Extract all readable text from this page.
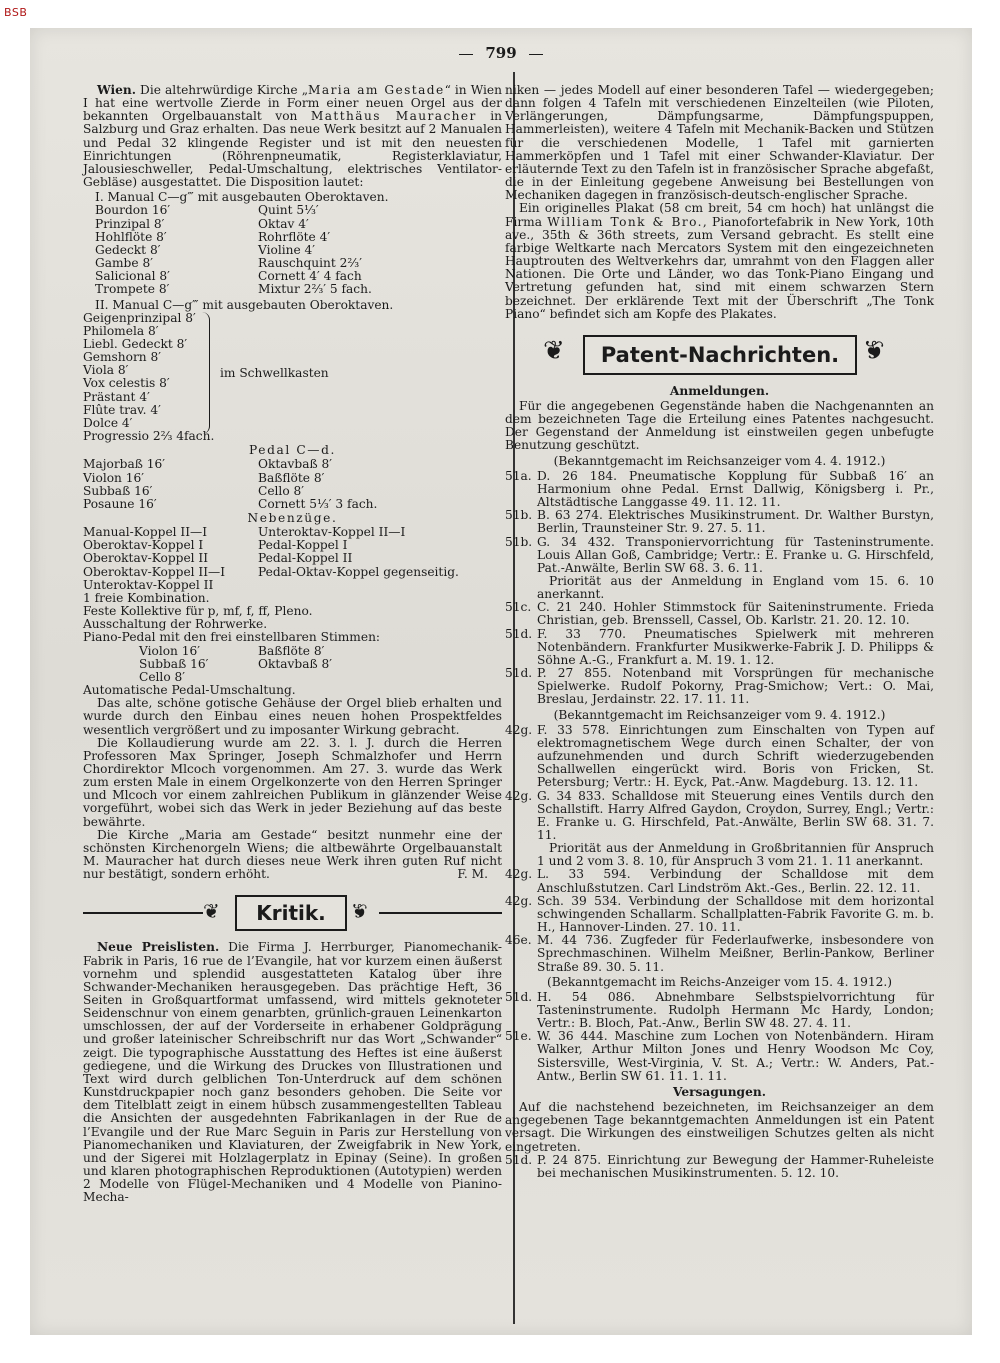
BSB
799

Wien. Die altehrwürdige Kirche „Maria am Gestade“ in Wien I hat eine wertvolle Zierde in Form einer neuen Orgel aus der bekannten Orgelbauanstalt von Matthäus Mauracher in Salzburg und Graz erhalten. Das neue Werk besitzt auf 2 Manualen und Pedal 32 klingende Register und ist mit den neuesten Einrichtungen (Röhrenpneumatik, Registerklaviatur, Jalousieschweller, Pedal-Umschaltung, elektrisches Ventilator-Gebläse) ausgestattet. Die Disposition lautet:

I. Manual C—g‴ mit ausgebauten Oberoktaven.
Bourdon 16′	Quint 5⅓′
Prinzipal 8′	Oktav 4′
Hohlflöte 8′	Rohrflöte 4′
Gedeckt 8′	Violine 4′
Gambe 8′	Rauschquint 2⅔′
Salicional 8′	Cornett 4′ 4 fach
Trompete 8′	Mixtur 2⅔′ 5 fach.
II. Manual C—g‴ mit ausgebauten Oberoktaven.
Geigenprinzipal 8′
Philomela 8′
Liebl. Gedeckt 8′
Gemshorn 8′
Viola 8′
Vox celestis 8′
Prästant 4′
Flûte trav. 4′
Dolce 4′
im Schwellkasten
Progressio 2⅔ 4fach.
Pedal C—d.
Majorbaß 16′	Oktavbaß 8′
Violon 16′	Baßflöte 8′
Subbaß 16′	Cello 8′
Posaune 16′	Cornett 5⅓′ 3 fach.
Nebenzüge.
Manual-Koppel II—I	Unteroktav-Koppel II—I
Oberoktav-Koppel I	Pedal-Koppel I
Oberoktav-Koppel II	Pedal-Koppel II
Oberoktav-Koppel II—I	Pedal-Oktav-Koppel gegenseitig.
Unteroktav-Koppel II
1 freie Kombination.
Feste Kollektive für p, mf, f, ff, Pleno.
Ausschaltung der Rohrwerke.
Piano-Pedal mit den frei einstellbaren Stimmen:
Violon 16′	Baßflöte 8′
Subbaß 16′	Oktavbaß 8′
Cello 8′
Automatische Pedal-Umschaltung.

Das alte, schöne gotische Gehäuse der Orgel blieb erhalten und wurde durch den Einbau eines neuen hohen Prospektfeldes wesentlich vergrößert und zu imposanter Wirkung gebracht.

Die Kollaudierung wurde am 22. 3. l. J. durch die Herren Professoren Max Springer, Joseph Schmalzhofer und Herrn Chordirektor Mlcoch vorgenommen. Am 27. 3. wurde das Werk zum ersten Male in einem Orgelkonzerte von den Herren Springer und Mlcoch vor einem zahlreichen Publikum in glänzender Weise vorgeführt, wobei sich das Werk in jeder Beziehung auf das beste bewährte.

Die Kirche „Maria am Gestade“ besitzt nunmehr eine der schönsten Kirchenorgeln Wiens; die altbewährte Orgelbauanstalt M. Mauracher hat durch dieses neue Werk ihren guten Ruf nicht nur bestätigt, sondern erhöht.	F. M.

❦	Kritik.	❦

Neue Preislisten. Die Firma J. Herrburger, Pianomechanik-Fabrik in Paris, 16 rue de l’Evangile, hat vor kurzem einen äußerst vornehm und splendid ausgestatteten Katalog über ihre Schwander-Mechaniken herausgegeben. Das prächtige Heft, 36 Seiten in Großquartformat umfassend, wird mittels geknoteter Seidenschnur von einem genarbten, grünlich-grauen Leinenkarton umschlossen, der auf der Vorderseite in erhabener Goldprägung und großer lateinischer Schreibschrift nur das Wort „Schwander“ zeigt. Die typographische Ausstattung des Heftes ist eine äußerst gediegene, und die Wirkung des Druckes von Illustrationen und Text wird durch gelblichen Ton-Unterdruck auf dem schönen Kunstdruckpapier noch ganz besonders gehoben. Die Seite vor dem Titelblatt zeigt in einem hübsch zusammengestellten Tableau die Ansichten der ausgedehnten Fabrikanlagen in der Rue de l’Evangile und der Rue Marc Seguin in Paris zur Herstellung von Pianomechaniken und Klaviaturen, der Zweigfabrik in New York, und der Sigerei mit Holzlagerplatz in Epinay (Seine). In großen und klaren photographischen Reproduktionen (Autotypien) werden 2 Modelle von Flügel-Mechaniken und 4 Modelle von Pianino-Mecha-

niken — jedes Modell auf einer besonderen Tafel — wiedergegeben; dann folgen 4 Tafeln mit verschiedenen Einzelteilen (wie Piloten, Verlängerungen, Dämpfungsarme, Dämpfungspuppen, Hammerleisten), weitere 4 Tafeln mit Mechanik-Backen und Stützen für die verschiedenen Modelle, 1 Tafel mit garnierten Hammerköpfen und 1 Tafel mit einer Schwander-Klaviatur. Der erläuternde Text zu den Tafeln ist in französischer Sprache abgefaßt, die in der Einleitung gegebene Anweisung bei Bestellungen von Mechaniken dagegen in französisch-deutsch-englischer Sprache.

Ein originelles Plakat (58 cm breit, 54 cm hoch) hat unlängst die Firma William Tonk & Bro., Pianofortefabrik in New York, 10th ave., 35th & 36th streets, zum Versand gebracht. Es stellt eine farbige Weltkarte nach Mercators System mit den eingezeichneten Hauptrouten des Weltverkehrs dar, umrahmt von den Flaggen aller Nationen. Die Orte und Länder, wo das Tonk-Piano Eingang und Vertretung gefunden hat, sind mit einem schwarzen Stern bezeichnet. Der erklärende Text mit der Überschrift „The Tonk Piano“ befindet sich am Kopfe des Plakates.

❦	Patent-Nachrichten. ❦
Anmeldungen.

Für die angegebenen Gegenstände haben die Nachgenannten an dem bezeichneten Tage die Erteilung eines Patentes nachgesucht. Der Gegenstand der Anmeldung ist einstweilen gegen unbefugte Benutzung geschützt.

(Bekanntgemacht im Reichsanzeiger vom 4. 4. 1912.)
51a. D. 26 184. Pneumatische Kopplung für Subbaß 16′ an Harmonium ohne Pedal. Ernst Dallwig, Königsberg i. Pr., Altstädtische Langgasse 49. 11. 12. 11.
51b. B. 63 274. Elektrisches Musikinstrument. Dr. Walther Burstyn, Berlin, Traunsteiner Str. 9. 27. 5. 11.
51b. G. 34 432. Transponiervorrichtung für Tasteninstrumente. Louis Allan Goß, Cambridge; Vertr.: E. Franke u. G. Hirschfeld, Pat.-Anwälte, Berlin SW 68. 3. 6. 11.
Priorität aus der Anmeldung in England vom 15. 6. 10 anerkannt.
51c. C. 21 240. Hohler Stimmstock für Saiteninstrumente. Frieda Christian, geb. Brenssell, Cassel, Ob. Karlstr. 21. 20. 12. 10.
51d. F. 33 770. Pneumatisches Spielwerk mit mehreren Notenbändern. Frankfurter Musikwerke-Fabrik J. D. Philipps & Söhne A.-G., Frankfurt a. M. 19. 1. 12.
51d. P. 27 855. Notenband mit Vorsprüngen für mechanische Spielwerke. Rudolf Pokorny, Prag-Smichow; Vert.: O. Mai, Breslau, Jerdainstr. 22. 17. 11. 11.
(Bekanntgemacht im Reichsanzeiger vom 9. 4. 1912.)
42g. F. 33 578. Einrichtungen zum Einschalten von Typen auf elektromagnetischem Wege durch einen Schalter, der von aufzunehmenden und durch Schrift wiederzugebenden Schallwellen eingerückt wird. Boris von Fricken, St. Petersburg; Vertr.: H. Eyck, Pat.-Anw. Magdeburg. 13. 12. 11.
42g. G. 34 833. Schalldose mit Steuerung eines Ventils durch den Schallstift. Harry Alfred Gaydon, Croydon, Surrey, Engl.; Vertr.: E. Franke u. G. Hirschfeld, Pat.-Anwälte, Berlin SW 68. 31. 7. 11.
Priorität aus der Anmeldung in Großbritannien für Anspruch 1 und 2 vom 3. 8. 10, für Anspruch 3 vom 21. 1. 11 anerkannt.
42g. L. 33 594. Verbindung der Schalldose mit dem Anschlußstutzen. Carl Lindström Akt.-Ges., Berlin. 22. 12. 11.
42g. Sch. 39 534. Verbindung der Schalldose mit dem horizontal schwingenden Schallarm. Schallplatten-Fabrik Favorite G. m. b. H., Hannover-Linden. 27. 10. 11.
46e. M. 44 736. Zugfeder für Federlaufwerke, insbesondere von Sprechmaschinen. Wilhelm Meißner, Berlin-Pankow, Berliner Straße 89. 30. 5. 11.
(Bekanntgemacht im Reichs-Anzeiger vom 15. 4. 1912.)
51d. H. 54 086. Abnehmbare Selbstspielvorrichtung für Tasteninstrumente. Rudolph Hermann Mc Hardy, London; Vertr.: B. Bloch, Pat.-Anw., Berlin SW 48. 27. 4. 11.
51e. W. 36 444. Maschine zum Lochen von Notenbändern. Hiram Walker, Arthur Milton Jones und Henry Woodson Mc Coy, Sistersville, West-Virginia, V. St. A.; Vertr.: W. Anders, Pat.-Antw., Berlin SW 61. 11. 1. 11.
Versagungen.

Auf die nachstehend bezeichneten, im Reichsanzeiger an dem angegebenen Tage bekanntgemachten Anmeldungen ist ein Patent versagt. Die Wirkungen des einstweiligen Schutzes gelten als nicht eingetreten.

51d. P. 24 875. Einrichtung zur Bewegung der Hammer-Ruheleiste bei mechanischen Musikinstrumenten. 5. 12. 10.
